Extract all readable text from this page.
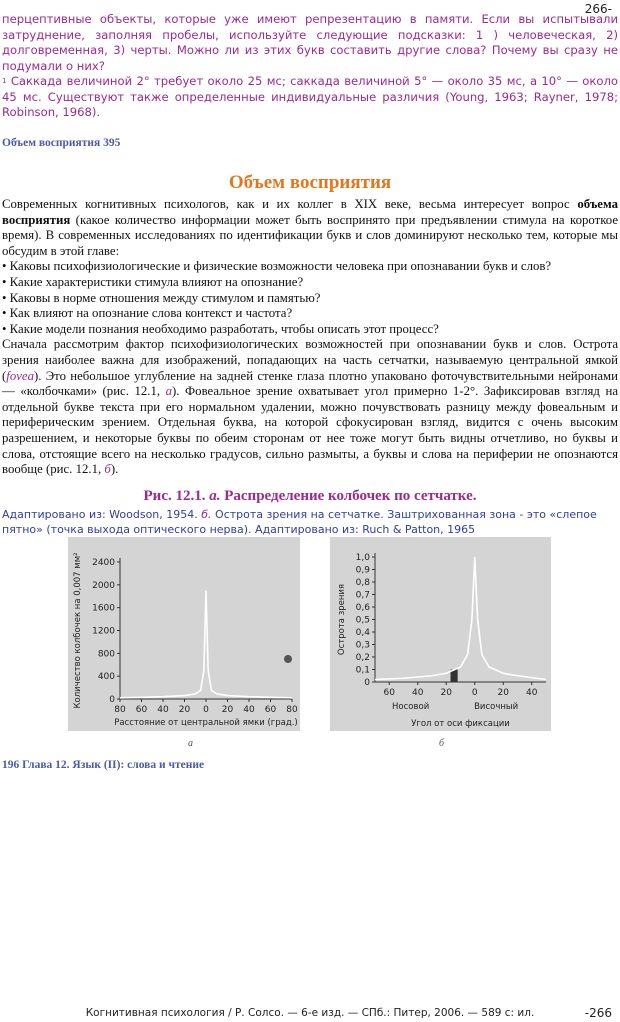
266-

перцептивные объекты, которые уже имеют репрезентацию в памяти. Если вы испытывали затруднение, заполняя пробелы, используйте следующие подсказки: 1 ) человеческая, 2) долговременная, 3) черты. Можно ли из этих букв составить другие слова? Почему вы сразу не подумали о них?

$^1$ Саккада величиной 2° требует около 25 мс; саккада величиной 5° — около 35 мс, а 10° — около 45 мс. Существуют также определенные индивидуальные различия (Young, 1963; Rayner, 1978; Robinson, 1968).

Объем восприятия 395
Объем восприятия

Современных когнитивных психологов, как и их коллег в XIX веке, весьма интересует вопрос объема восприятия (какое количество информации может быть воспринято при предъявлении стимула на короткое время). В современных исследованиях по идентификации букв и слов доминируют несколько тем, которые мы обсудим в этой главе:

• Каковы психофизиологические и физические возможности человека при опознавании букв и слов?

• Какие характеристики стимула влияют на опознание?

• Каковы в норме отношения между стимулом и памятью?

• Как влияют на опознание слова контекст и частота?

• Какие модели познания необходимо разработать, чтобы описать этот процесс?

Сначала рассмотрим фактор психофизиологических возможностей при опознавании букв и слов. Острота зрения наиболее важна для изображений, попадающих на часть сетчатки, называемую центральной ямкой (fovea). Это небольшое углубление на задней стенке глаза плотно упаковано фоточувствительными нейронами — «колбочками» (рис. 12.1, а). Фовеальное зрение охватывает угол примерно 1-2°. Зафиксировав взгляд на отдельной букве текста при его нормальном удалении, можно почувствовать разницу между фовеальным и периферическим зрением. Отдельная буква, на которой сфокусирован взгляд, видится с очень высоким разрешением, и некоторые буквы по обеим сторонам от нее тоже могут быть видны отчетливо, но буквы и слова, отстоящие всего на несколько градусов, сильно размыты, а буквы и слова на периферии не опознаются вообще (рис. 12.1, б).

Рис. 12.1. а. Распределение колбочек по сетчатке.
Адаптировано из: Woodson, 1954. б. Острота зрения на сетчатке. Заштрихованная зона - это «слепое пятно» (точка выхода оптического нерва). Адаптировано из: Ruch & Patton, 1965
0
400
800
1200
1600
2000
2400
80 60 40 20 0 20 40 60 80
Расстояние от центральной ямки (град.)
Количество колбочек на 0,007 мм²	0
0,1
0,2
0,3
0,4
0,5
0,6
0,7
0,8
0,9
1,0
60 40 20 0 20 40
Угол от оси фиксации
Острота зрения
Носовой	Височный
а	б
196 Глава 12. Язык (II): слова и чтение
Когнитивная психология / Р. Солсо. — 6-е изд. — СПб.: Питер, 2006. — 589 с: ил.	-266
